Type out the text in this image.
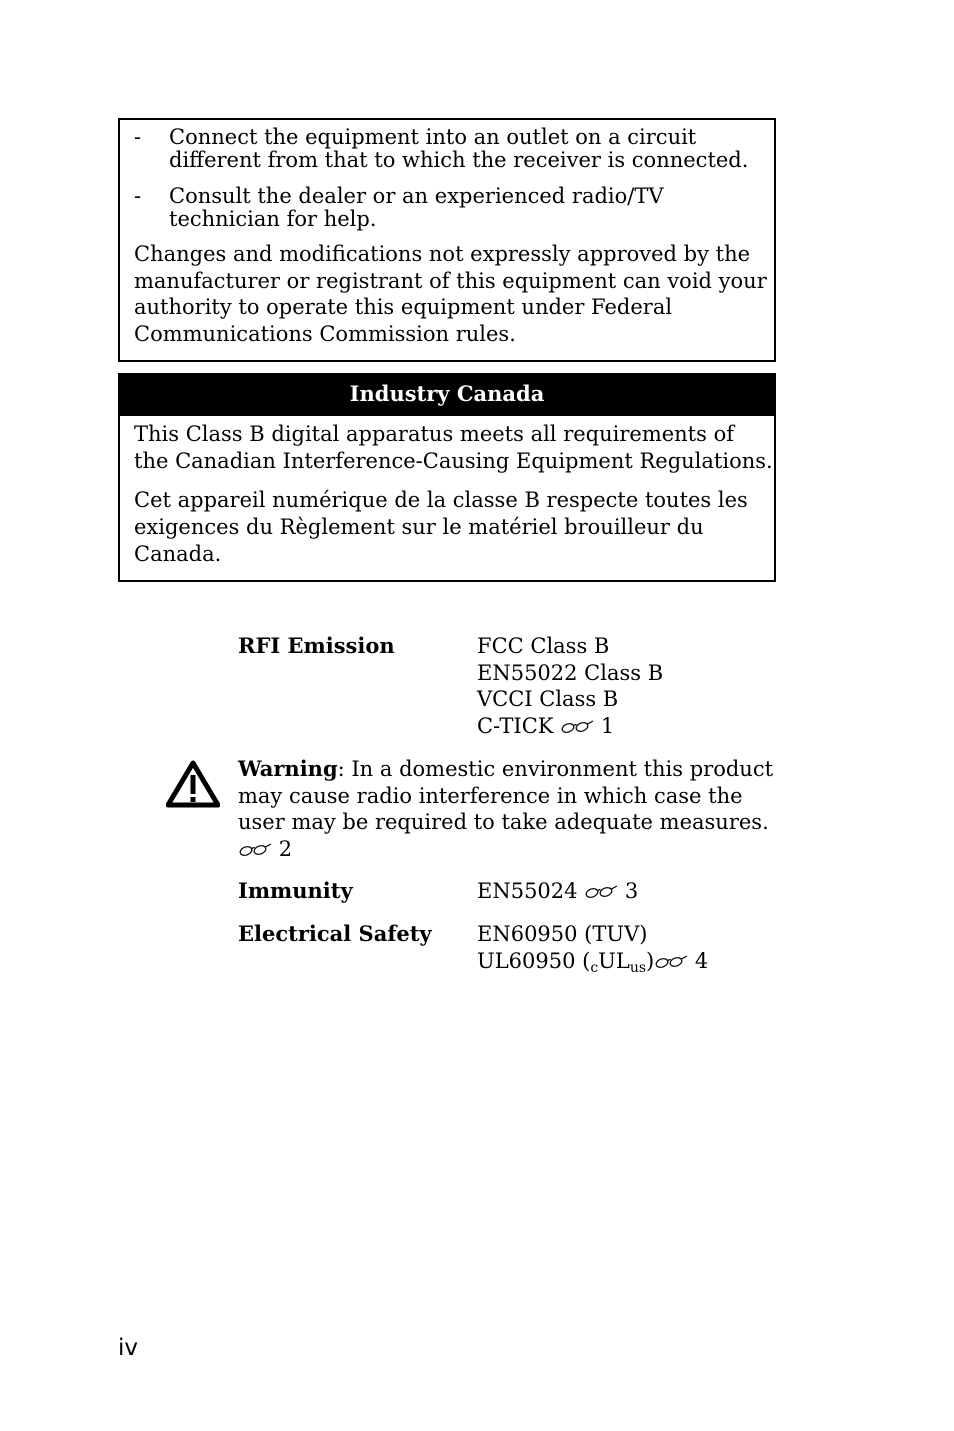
- Connect the equipment into an outlet on a circuit different from that to which the receiver is connected.
- Consult the dealer or an experienced radio/TV technician for help.
Changes and modifications not expressly approved by the manufacturer or registrant of this equipment can void your authority to operate this equipment under Federal Communications Commission rules.
Industry Canada
This Class B digital apparatus meets all requirements of the Canadian Interference-Causing Equipment Regulations.
Cet appareil numérique de la classe B respecte toutes les exigences du Règlement sur le matériel brouilleur du Canada.
RFI Emission	FCC Class B
EN55022 Class B
VCCI Class B
C-TICK 1
Warning: In a domestic environment this product may cause radio interference in which case the user may be required to take adequate measures.
2
Immunity	EN55024 3
Electrical Safety EN60950 (TUV)
UL60950 $(_cUL_{us})$ 4
iv
